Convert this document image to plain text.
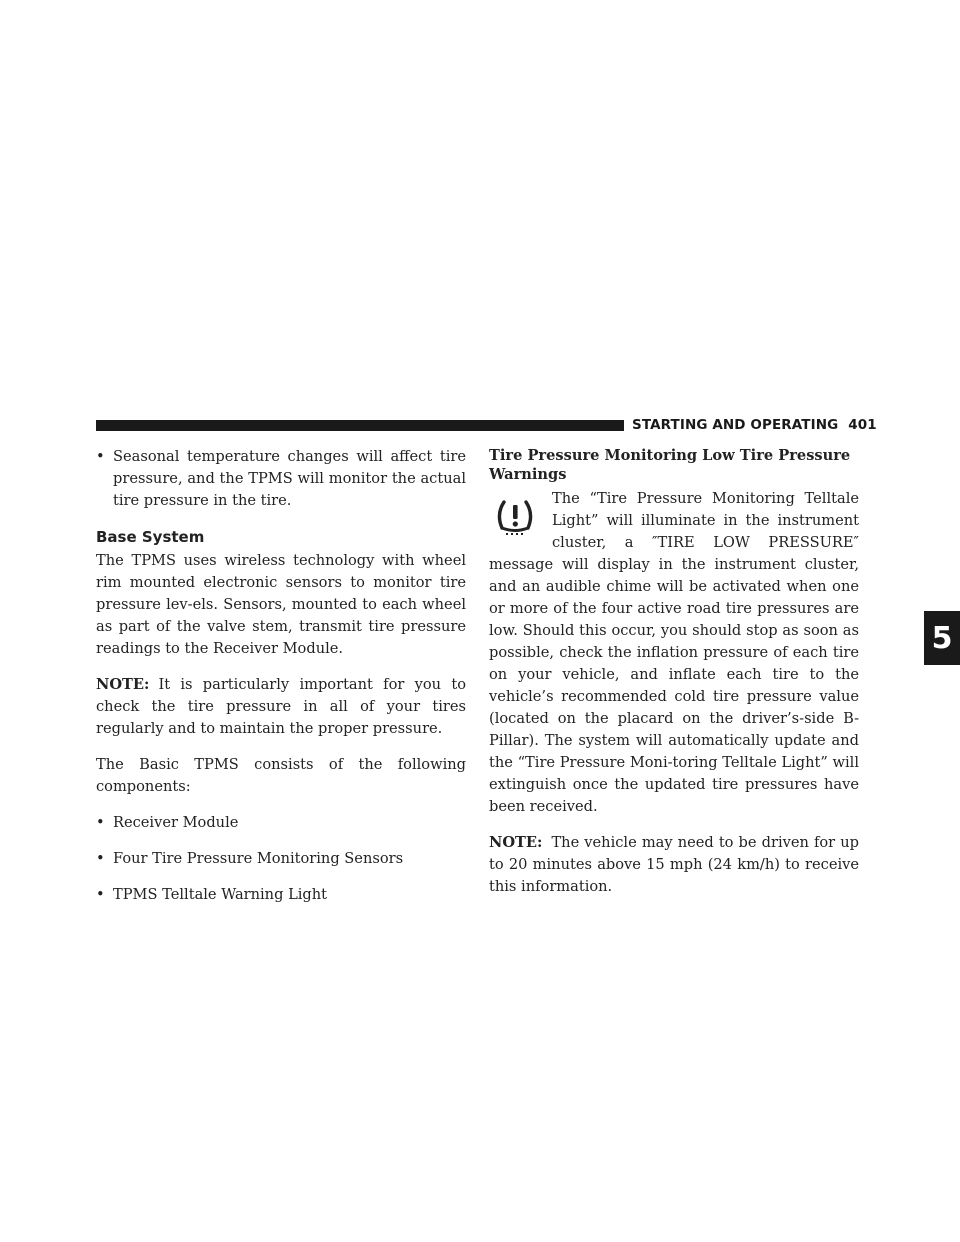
STARTING AND OPERATING 401
5
• Seasonal temperature changes will affect tire pressure, and the TPMS will monitor the actual tire pressure in the tire.
Base System

The TPMS uses wireless technology with wheel rim mounted electronic sensors to monitor tire pressure lev-els. Sensors, mounted to each wheel as part of the valve stem, transmit tire pressure readings to the Receiver Module.

NOTE: It is particularly important for you to check the tire pressure in all of your tires regularly and to maintain the proper pressure.

The Basic TPMS consists of the following components:

• Receiver Module
• Four Tire Pressure Monitoring Sensors
• TPMS Telltale Warning Light
Tire Pressure Monitoring Low Tire Pressure Warnings

The “Tire Pressure Monitoring Telltale Light” will illuminate in the instrument cluster, a ″TIRE LOW PRESSURE″ message will display in the instrument cluster, and an audible chime will be activated when one or more of the four active road tire pressures are low. Should this occur, you should stop as soon as possible, check the inflation pressure of each tire on your vehicle, and inflate each tire to the vehicle’s recommended cold tire pressure value (located on the placard on the driver’s-side B-Pillar). The system will automatically update and the “Tire Pressure Moni-toring Telltale Light” will extinguish once the updated tire pressures have been received.

NOTE: The vehicle may need to be driven for up to 20 minutes above 15 mph (24 km/h) to receive this information.
